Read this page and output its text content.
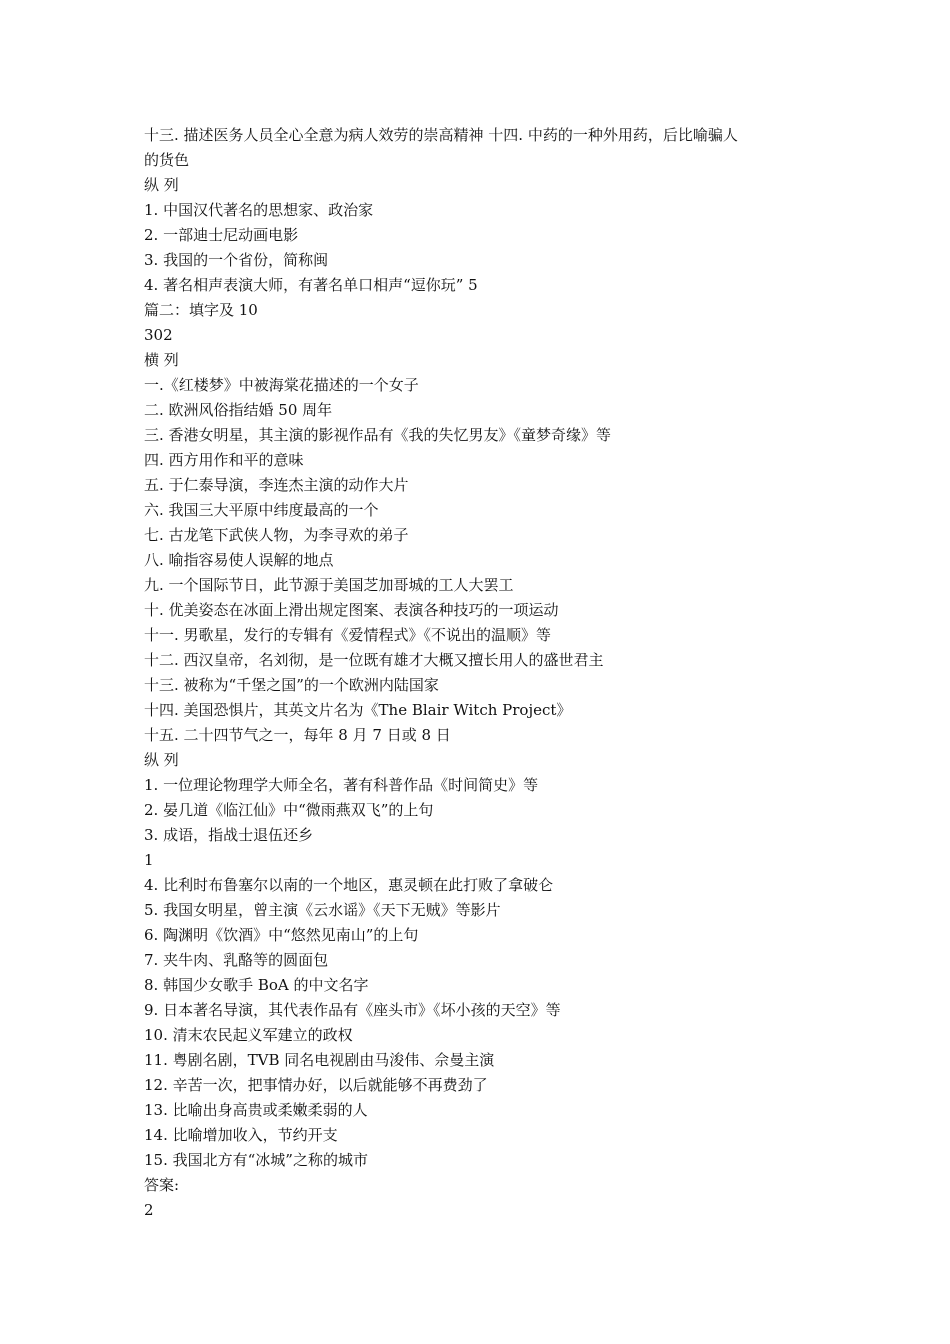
十三. 描述医务人员全心全意为病人效劳的崇高精神 十四. 中药的一种外用药，后比喻骗人
的货色
纵 列
1. 中国汉代著名的思想家、政治家
2. 一部迪士尼动画电影
3. 我国的一个省份，简称闽
4. 著名相声表演大师，有著名单口相声“逗你玩” 5
篇二：填字及 10
302
横 列
一.《红楼梦》中被海棠花描述的一个女子
二. 欧洲风俗指结婚 50 周年
三. 香港女明星，其主演的影视作品有《我的失忆男友》《童梦奇缘》等
四. 西方用作和平的意味
五. 于仁泰导演，李连杰主演的动作大片
六. 我国三大平原中纬度最高的一个
七. 古龙笔下武侠人物，为李寻欢的弟子
八. 喻指容易使人误解的地点
九. 一个国际节日，此节源于美国芝加哥城的工人大罢工
十. 优美姿态在冰面上滑出规定图案、表演各种技巧的一项运动
十一. 男歌星，发行的专辑有《爱情程式》《不说出的温顺》等
十二. 西汉皇帝，名刘彻，是一位既有雄才大概又擅长用人的盛世君主
十三. 被称为“千堡之国”的一个欧洲内陆国家
十四. 美国恐惧片，其英文片名为《The Blair Witch Project》
十五. 二十四节气之一，每年 8 月 7 日或 8 日
纵 列
1. 一位理论物理学大师全名，著有科普作品《时间简史》等
2. 晏几道《临江仙》中“微雨燕双飞”的上句
3. 成语，指战士退伍还乡
1
4. 比利时布鲁塞尔以南的一个地区，惠灵顿在此打败了拿破仑
5. 我国女明星，曾主演《云水谣》《天下无贼》等影片
6. 陶渊明《饮酒》中“悠然见南山”的上句
7. 夹牛肉、乳酪等的圆面包
8. 韩国少女歌手 BoA 的中文名字
9. 日本著名导演，其代表作品有《座头市》《坏小孩的天空》等
10. 清末农民起义军建立的政权
11. 粤剧名剧，TVB 同名电视剧由马浚伟、佘曼主演
12. 辛苦一次，把事情办好，以后就能够不再费劲了
13. 比喻出身高贵或柔嫩柔弱的人
14. 比喻增加收入，节约开支
15. 我国北方有“冰城”之称的城市
答案:
2
